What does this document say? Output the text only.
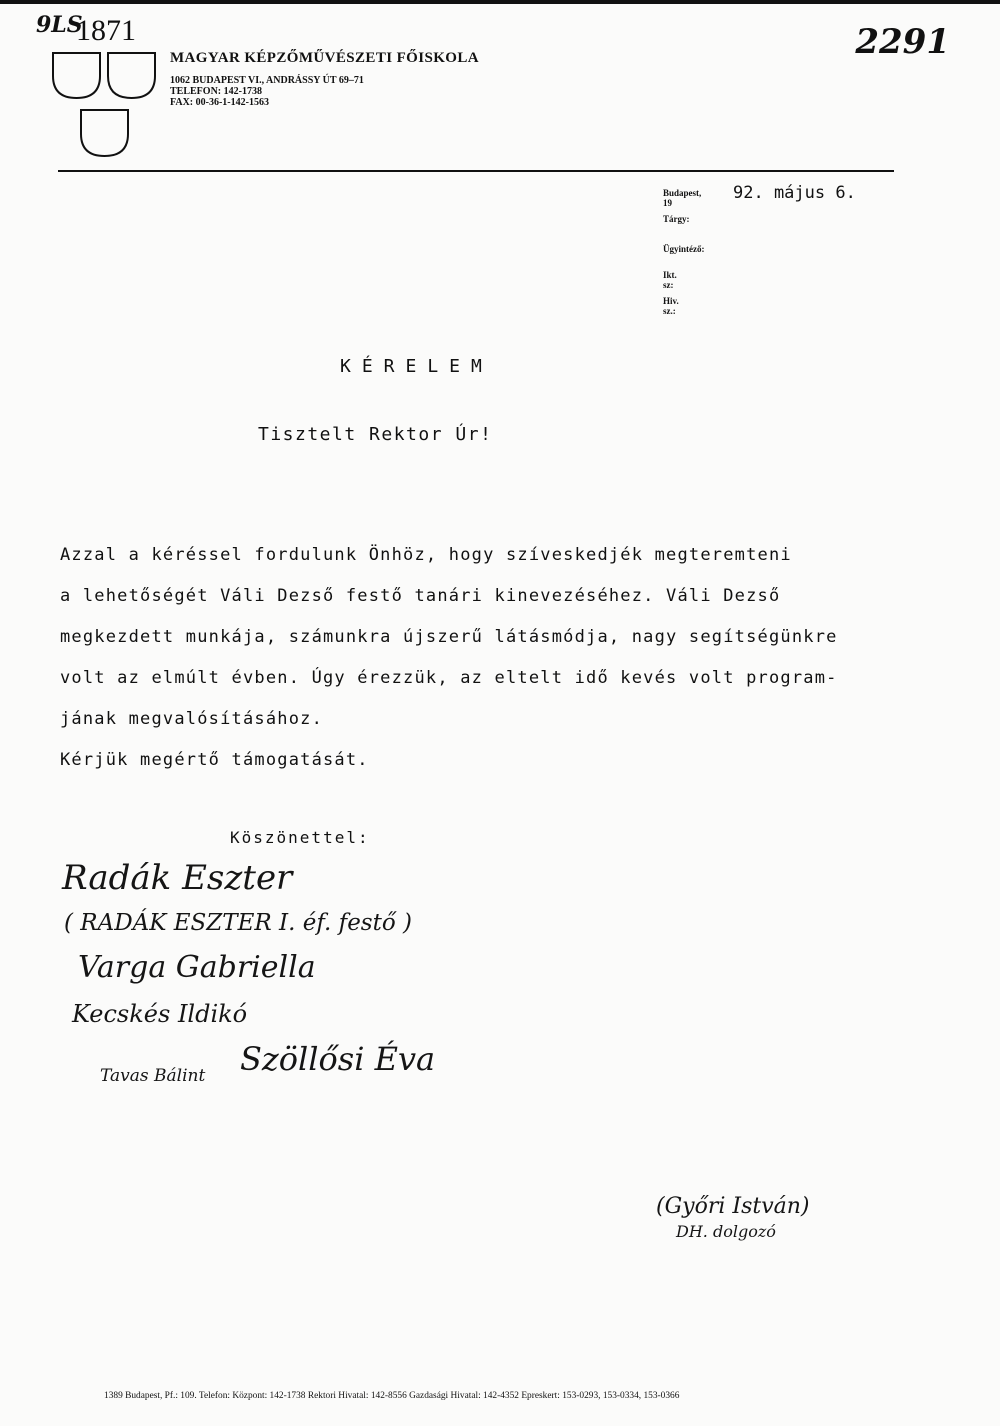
9LS
1871	2291
MAGYAR KÉPZŐMŰVÉSZETI FŐISKOLA
1062 BUDAPEST VI., ANDRÁSSY ÚT 69–71
TELEFON: 142-1738
FAX: 00-36-1-142-1563
Budapest, 19	92. május 6.
Tárgy:
Ügyintéző:
Ikt. sz:
Hiv. sz.:
KÉRELEM
Tisztelt Rektor Úr!

Azzal a kéréssel fordulunk Önhöz, hogy szíveskedjék megteremteni

a lehetőségét Váli Dezső festő tanári kinevezéséhez. Váli Dezső

megkezdett munkája, számunkra újszerű látásmódja, nagy segítségünkre

volt az elmúlt évben. Úgy érezzük, az eltelt idő kevés volt program-

jának megvalósításához.

Kérjük megértő támogatását.

Köszönettel:
Radák Eszter
( RADÁK ESZTER I. éf. festő )
Varga Gabriella
Kecskés Ildikó
Szöllősi Éva
Tavas Bálint
(Győri István)
DH. dolgozó
1389 Budapest, Pf.: 109. Telefon: Központ: 142-1738 Rektori Hivatal: 142-8556 Gazdasági Hivatal: 142-4352 Epreskert: 153-0293, 153-0334, 153-0366
